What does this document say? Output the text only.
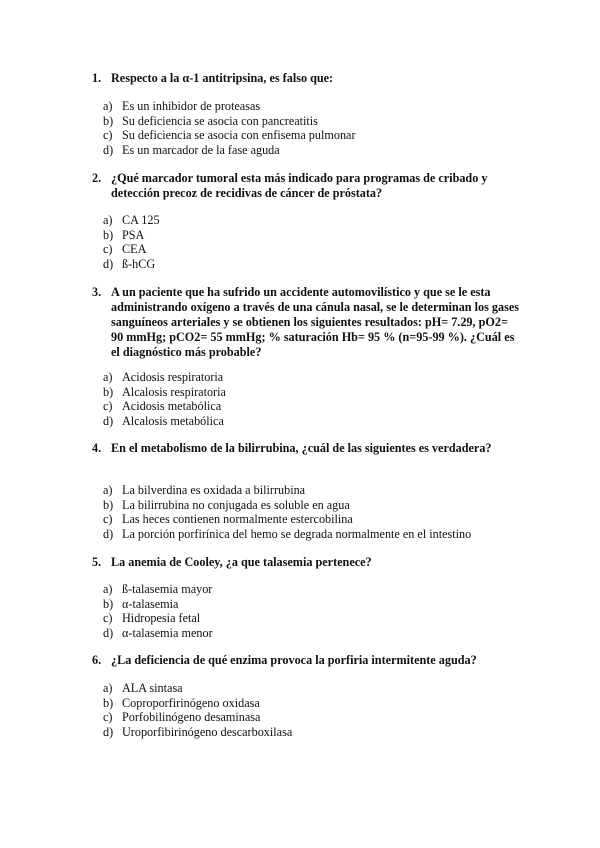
1. Respecto a la α-1 antitripsina, es falso que:
a) Es un inhibidor de proteasas
b) Su deficiencia se asocia con pancreatitis
c) Su deficiencia se asocia con enfisema pulmonar
d) Es un marcador de la fase aguda
2. ¿Qué marcador tumoral esta más indicado para programas de cribado y detección precoz de recidivas de cáncer de próstata?
a) CA 125
b) PSA
c) CEA
d) ß-hCG
3. A un paciente que ha sufrido un accidente automovilístico y que se le esta administrando oxígeno a través de una cánula nasal, se le determinan los gases sanguíneos arteriales y se obtienen los siguientes resultados: pH= 7.29, pO2= 90 mmHg; pCO2= 55 mmHg; % saturación Hb= 95 % (n=95-99 %). ¿Cuál es el diagnóstico más probable?
a) Acidosis respiratoria
b) Alcalosis respiratoria
c) Acidosis metabólica
d) Alcalosis metabólica
4. En el metabolismo de la bilirrubina, ¿cuál de las siguientes es verdadera?
a) La bilverdina es oxidada a bilirrubina
b) La bilirrubina no conjugada es soluble en agua
c) Las heces contienen normalmente estercobilina
d) La porción porfirínica del hemo se degrada normalmente en el intestino
5. La anemia de Cooley, ¿a que talasemia pertenece?
a) ß-talasemia mayor
b) α-talasemia
c) Hidropesia fetal
d) α-talasemia menor
6. ¿La deficiencia de qué enzima provoca la porfiria intermitente aguda?
a) ALA sintasa
b) Coproporfirinógeno oxidasa
c) Porfobilinógeno desaminasa
d) Uroporfibirinógeno descarboxilasa
